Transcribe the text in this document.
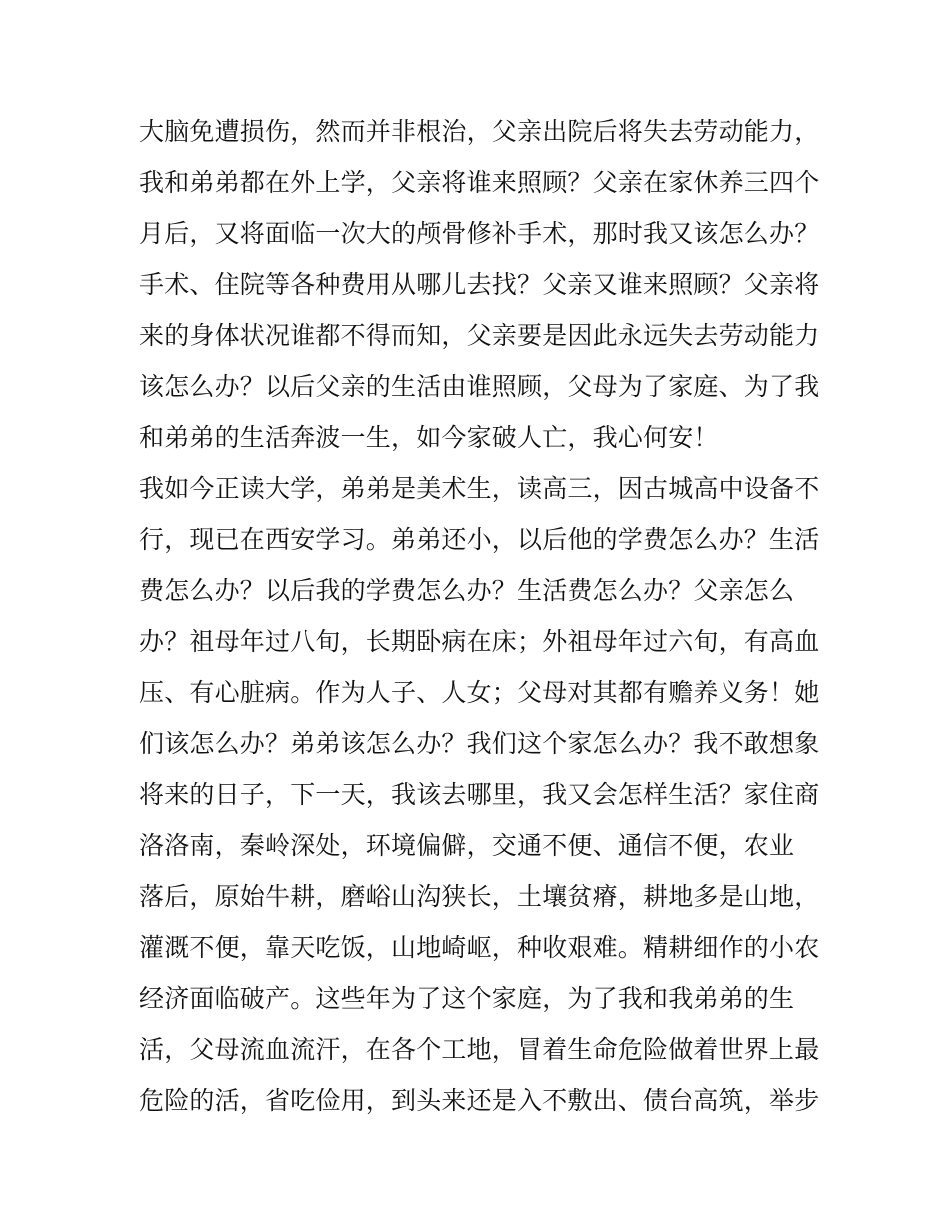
大脑免遭损伤，然而并非根治，父亲出院后将失去劳动能力，
我和弟弟都在外上学，父亲将谁来照顾？父亲在家休养三四个
月后，又将面临一次大的颅骨修补手术，那时我又该怎么办？
手术、住院等各种费用从哪儿去找？父亲又谁来照顾？父亲将
来的身体状况谁都不得而知，父亲要是因此永远失去劳动能力
该怎么办？以后父亲的生活由谁照顾，父母为了家庭、为了我
和弟弟的生活奔波一生，如今家破人亡，我心何安！
我如今正读大学，弟弟是美术生，读高三，因古城高中设备不
行，现已在西安学习。弟弟还小，以后他的学费怎么办？生活
费怎么办？以后我的学费怎么办？生活费怎么办？父亲怎么
办？祖母年过八旬，长期卧病在床；外祖母年过六旬，有高血
压、有心脏病。作为人子、人女；父母对其都有赡养义务！她
们该怎么办？弟弟该怎么办？我们这个家怎么办？我不敢想象
将来的日子，下一天，我该去哪里，我又会怎样生活？家住商
洛洛南，秦岭深处，环境偏僻，交通不便、通信不便，农业
落后，原始牛耕，磨峪山沟狭长，土壤贫瘠，耕地多是山地，
灌溉不便，靠天吃饭，山地崎岖，种收艰难。精耕细作的小农
经济面临破产。这些年为了这个家庭，为了我和我弟弟的生
活，父母流血流汗，在各个工地，冒着生命危险做着世界上最
危险的活，省吃俭用，到头来还是入不敷出、债台高筑，举步
